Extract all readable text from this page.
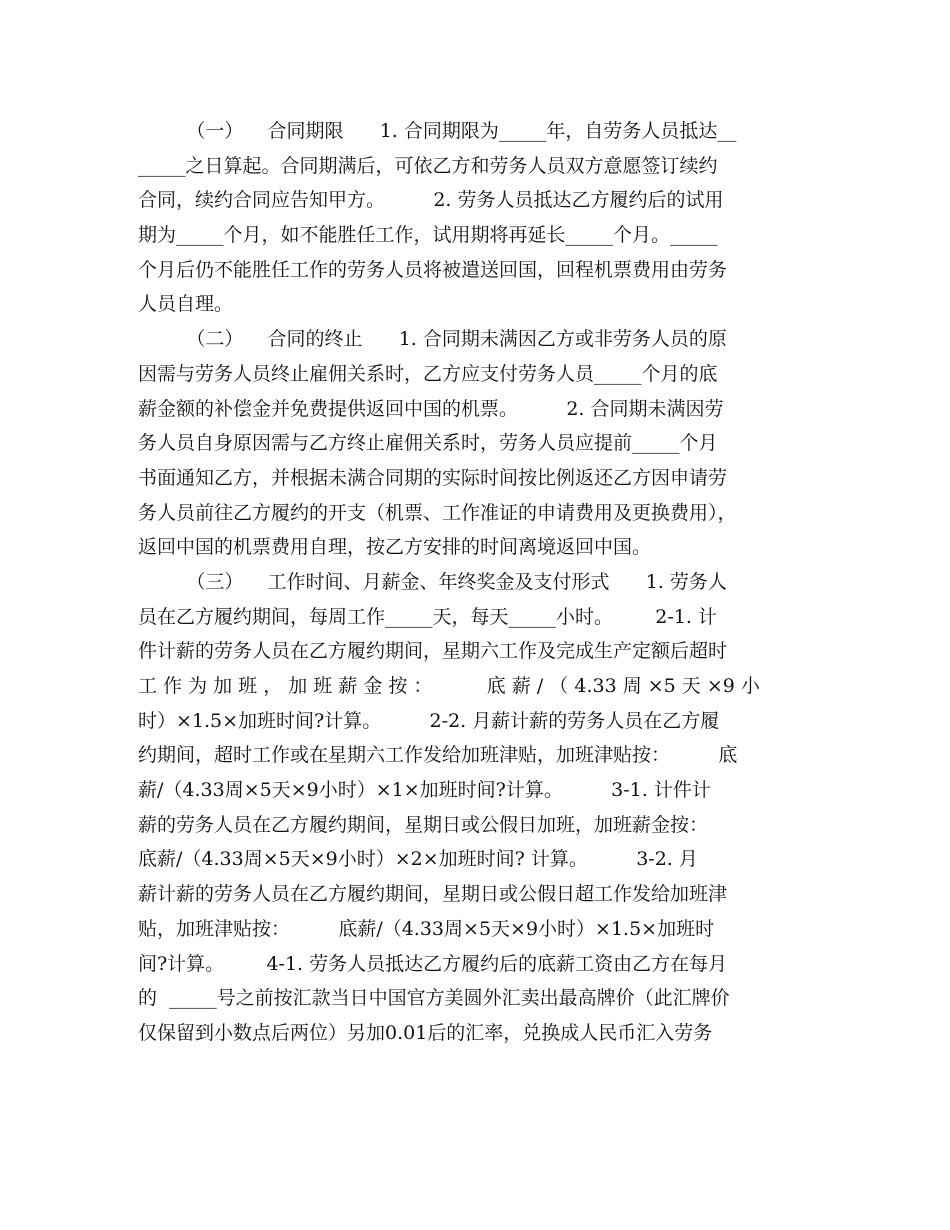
（一）    合同期限      1. 合同期限为_____年，自劳务人员抵达__
_____之日算起。合同期满后，可依乙方和劳务人员双方意愿签订续约
合同，续约合同应告知甲方。        2. 劳务人员抵达乙方履约后的试用
期为_____个月，如不能胜任工作，试用期将再延长_____个月。_____
个月后仍不能胜任工作的劳务人员将被遣送回国，回程机票费用由劳务
人员自理。
（二）    合同的终止      1. 合同期未满因乙方或非劳务人员的原
因需与劳务人员终止雇佣关系时，乙方应支付劳务人员_____个月的底
薪金额的补偿金并免费提供返回中国的机票。        2. 合同期未满因劳
务人员自身原因需与乙方终止雇佣关系时，劳务人员应提前_____个月
书面通知乙方，并根据未满合同期的实际时间按比例返还乙方因申请劳
务人员前往乙方履约的开支（机票、工作准证的申请费用及更换费用），
返回中国的机票费用自理，按乙方安排的时间离境返回中国。
（三）    工作时间、月薪金、年终奖金及支付形式      1. 劳务人
员在乙方履约期间，每周工作_____天，每天_____小时。       2-1. 计
件计薪的劳务人员在乙方履约期间，星期六工作及完成生产定额后超时
工 作 为 加 班 ， 加 班 薪 金 按 ：         底 薪 / （ 4.33 周 ×5 天 ×9 小
时）×1.5×加班时间?计算。        2-2. 月薪计薪的劳务人员在乙方履
约期间，超时工作或在星期六工作发给加班津贴，加班津贴按：        底
薪/（4.33周×5天×9小时）×1×加班时间?计算。        3-1. 计件计
薪的劳务人员在乙方履约期间，星期日或公假日加班，加班薪金按：
底薪/（4.33周×5天×9小时）×2×加班时间? 计算。        3-2. 月
薪计薪的劳务人员在乙方履约期间，星期日或公假日超工作发给加班津
贴，加班津贴按：        底薪/（4.33周×5天×9小时）×1.5×加班时
间?计算。       4-1. 劳务人员抵达乙方履约后的底薪工资由乙方在每月
的  _____号之前按汇款当日中国官方美圆外汇卖出最高牌价（此汇牌价
仅保留到小数点后两位）另加0.01后的汇率，兑换成人民币汇入劳务
